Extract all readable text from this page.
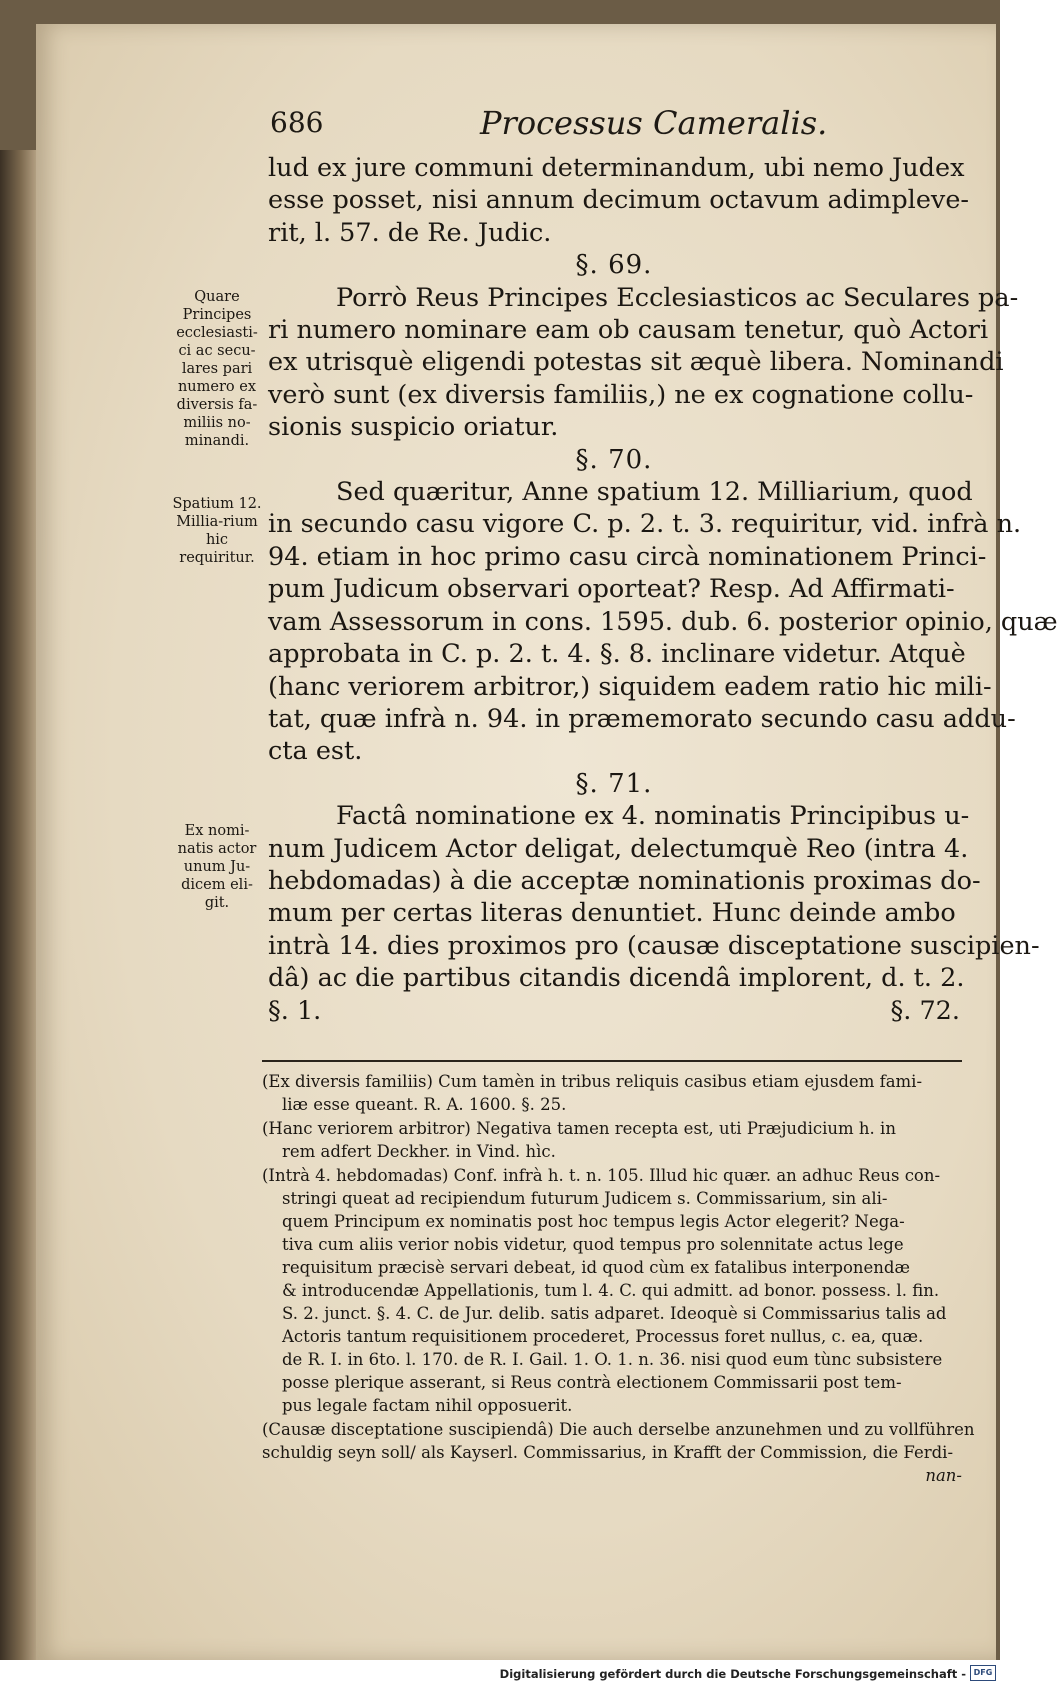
686	Processus Cameralis.
lud ex jure communi determinandum, ubi nemo Judex
esse posset, nisi annum decimum octavum adimpleve-
rit, l. 57. de Re. Judic.
§. 69.
Porrò Reus Principes Ecclesiasticos ac Seculares pa-
ri numero nominare eam ob causam tenetur, quò Actori
ex utrisquè eligendi potestas sit æquè libera. Nominandi
verò sunt (ex diversis familiis,) ne ex cognatione collu-
sionis suspicio oriatur.
§. 70.
Sed quæritur, Anne spatium 12. Milliarium, quod
in secundo casu vigore C. p. 2. t. 3. requiritur, vid. infrà n.
94. etiam in hoc primo casu circà nominationem Princi-
pum Judicum observari oporteat? Resp. Ad Affirmati-
vam Assessorum in cons. 1595. dub. 6. posterior opinio, quæ
approbata in C. p. 2. t. 4. §. 8. inclinare videtur. Atquè
(hanc veriorem arbitror,) siquidem eadem ratio hic mili-
tat, quæ infrà n. 94. in præmemorato secundo casu addu-
cta est.
§. 71.
Factâ nominatione ex 4. nominatis Principibus u-
num Judicem Actor deligat, delectumquè Reo (intra 4.
hebdomadas) à die acceptæ nominationis proximas do-
mum per certas literas denuntiet. Hunc deinde ambo
intrà 14. dies proximos pro (causæ disceptatione suscipien-
dâ) ac die partibus citandis dicendâ implorent, d. t. 2.
§. 1.	§. 72.
Quare Principes ecclesiasti-ci ac secu-lares pari numero ex diversis fa-miliis no-minandi.
Spatium 12. Millia-rium hic requiritur.
Ex nomi-natis actor unum Ju-dicem eli-git.
(Ex diversis familiis) Cum tamèn in tribus reliquis casibus etiam ejusdem fami-
liæ esse queant. R. A. 1600. §. 25.
(Hanc veriorem arbitror) Negativa tamen recepta est, uti Præjudicium h. in
rem adfert Deckher. in Vind. hìc.
(Intrà 4. hebdomadas) Conf. infrà h. t. n. 105. Illud hic quær. an adhuc Reus con-
stringi queat ad recipiendum futurum Judicem s. Commissarium, sin ali-
quem Principum ex nominatis post hoc tempus legis Actor elegerit? Nega-
tiva cum aliis verior nobis videtur, quod tempus pro solennitate actus lege
requisitum præcisè servari debeat, id quod cùm ex fatalibus interponendæ
& introducendæ Appellationis, tum l. 4. C. qui admitt. ad bonor. possess. l. fin.
S. 2. junct. §. 4. C. de Jur. delib. satis adparet. Ideoquè si Commissarius talis ad
Actoris tantum requisitionem procederet, Processus foret nullus, c. ea, quæ.
de R. I. in 6to. l. 170. de R. I. Gail. 1. O. 1. n. 36. nisi quod eum tùnc subsistere
posse plerique asserant, si Reus contrà electionem Commissarii post tem-
pus legale factam nihil opposuerit.
(Causæ disceptatione suscipiendâ) Die auch derselbe anzunehmen und zu vollführen
schuldig seyn soll/ als Kayserl. Commissarius, in Krafft der Commission, die Ferdi-
nan-
Digitalisierung gefördert durch die Deutsche Forschungsgemeinschaft - DFG
